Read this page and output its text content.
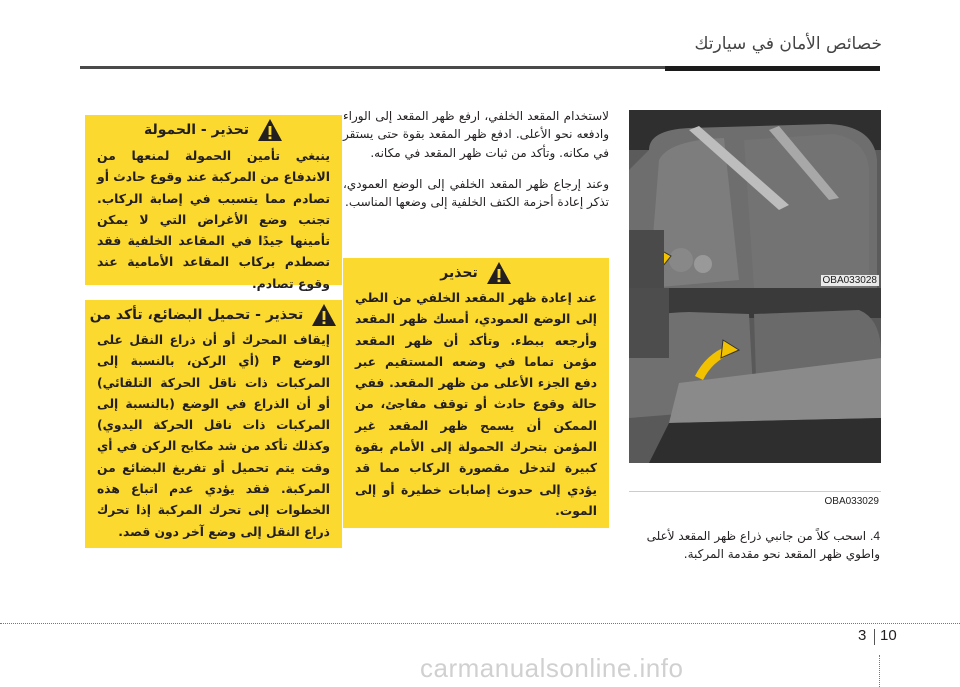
خصائص الأمان في سيارتك
OBA033028
OBA033029
لاستخدام المقعد الخلفي، ارفع ظهر المقعد إلى الوراء وادفعه نحو الأعلى. ادفع ظهر المقعد بقوة حتى يستقر في مكانه. وتأكد من ثبات ظهر المقعد في مكانه.
وعند إرجاع ظهر المقعد الخلفي إلى الوضع العمودي، تذكر إعادة أحزمة الكتف الخلفية إلى وضعها المناسب.
4. اسحب كلاً من جانبي ذراع ظهر المقعد لأعلى واطوي ظهر المقعد نحو مقدمة المركبة.
تحذير
عند إعادة ظهر المقعد الخلفي من الطي إلى الوضع العمودي، أمسك ظهر المقعد وأرجعه ببطء. وتأكد أن ظهر المقعد مؤمن تماما في وضعه المستقيم عبر دفع الجزء الأعلى من ظهر المقعد. ففي حالة وقوع حادث أو توقف مفاجئ، من الممكن أن يسمح ظهر المقعد غير المؤمن بتحرك الحمولة إلى الأمام بقوة كبيرة لتدخل مقصورة الركاب مما قد يؤدي إلى حدوث إصابات خطيرة أو إلى الموت.
تحذير - الحمولة
ينبغي تأمين الحمولة لمنعها من الاندفاع من المركبة عند وقوع حادث أو تصادم مما يتسبب في إصابة الركاب. تجنب وضع الأغراض التي لا يمكن تأمينها جيدًا في المقاعد الخلفية فقد تصطدم بركاب المقاعد الأمامية عند وقوع تصادم.
تحذير - تحميل البضائع، تأكد من
إيقاف المحرك أو أن ذراع النقل على الوضع P (أي الركن، بالنسبة إلى المركبات ذات ناقل الحركة التلقائي) أو أن الذراع في الوضع (بالنسبة إلى المركبات ذات ناقل الحركة اليدوي) وكذلك تأكد من شد مكابح الركن في أي وقت يتم تحميل أو تفريغ البضائع من المركبة. فقد يؤدي عدم اتباع هذه الخطوات إلى تحرك المركبة إذا تحرك ذراع النقل إلى وضع آخر دون قصد.
3 10
carmanualsonline.info
